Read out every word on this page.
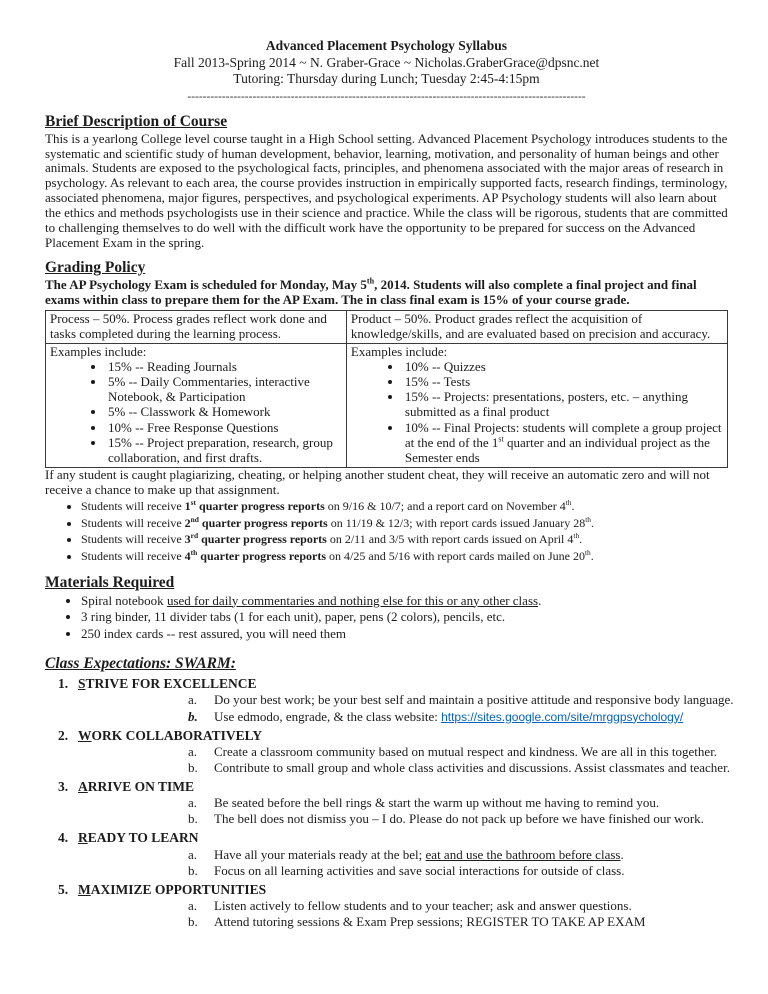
Advanced Placement Psychology Syllabus
Fall 2013-Spring 2014 ~ N. Graber-Grace ~ Nicholas.GraberGrace@dpsnc.net
Tutoring: Thursday during Lunch; Tuesday 2:45-4:15pm
--------------------------------------------------------------------------------------------------------
Brief Description of Course

This is a yearlong College level course taught in a High School setting. Advanced Placement Psychology introduces students to the systematic and scientific study of human development, behavior, learning, motivation, and personality of human beings and other animals. Students are exposed to the psychological facts, principles, and phenomena associated with the major areas of research in psychology. As relevant to each area, the course provides instruction in empirically supported facts, research findings, terminology, associated phenomena, major figures, perspectives, and psychological experiments. AP Psychology students will also learn about the ethics and methods psychologists use in their science and practice. While the class will be rigorous, students that are committed to challenging themselves to do well with the difficult work have the opportunity to be prepared for success on the Advanced Placement Exam in the spring.

Grading Policy

The AP Psychology Exam is scheduled for Monday, May 5th, 2014. Students will also complete a final project and final exams within class to prepare them for the AP Exam. The in class final exam is 15% of your course grade.

Process – 50%. Process grades reflect work done and tasks completed during the learning process.	Product – 50%. Product grades reflect the acquisition of knowledge/skills, and are evaluated based on precision and accuracy.

Examples include:
• 15% -- Reading Journals
• 5% -- Daily Commentaries, interactive Notebook, & Participation
• 5% -- Classwork & Homework
• 10% -- Free Response Questions
• 15% -- Project preparation, research, group collaboration, and first drafts.

Examples include:
• 10% -- Quizzes
• 15% -- Tests
• 15% -- Projects: presentations, posters, etc. – anything submitted as a final product
• 10% -- Final Projects: students will complete a group project at the end of the 1st quarter and an individual project as the Semester ends

If any student is caught plagiarizing, cheating, or helping another student cheat, they will receive an automatic zero and will not receive a chance to make up that assignment.

• Students will receive 1st quarter progress reports on 9/16 & 10/7; and a report card on November 4th.
• Students will receive 2nd quarter progress reports on 11/19 & 12/3; with report cards issued January 28th.
• Students will receive 3rd quarter progress reports on 2/11 and 3/5 with report cards issued on April 4th.
• Students will receive 4th quarter progress reports on 4/25 and 5/16 with report cards mailed on June 20th.
Materials Required
• Spiral notebook used for daily commentaries and nothing else for this or any other class.
• 3 ring binder, 11 divider tabs (1 for each unit), paper, pens (2 colors), pencils, etc.
• 250 index cards -- rest assured, you will need them
Class Expectations: SWARM:
1. STRIVE FOR EXCELLENCE
a. Do your best work; be your best self and maintain a positive attitude and responsive body language.
b. Use edmodo, engrade, & the class website: https://sites.google.com/site/mrggpsychology/
2. WORK COLLABORATIVELY
a. Create a classroom community based on mutual respect and kindness. We are all in this together.
b. Contribute to small group and whole class activities and discussions. Assist classmates and teacher.
3. ARRIVE ON TIME
a. Be seated before the bell rings & start the warm up without me having to remind you.
b. The bell does not dismiss you – I do. Please do not pack up before we have finished our work.
4. READY TO LEARN
a. Have all your materials ready at the bel; eat and use the bathroom before class.
b. Focus on all learning activities and save social interactions for outside of class.
5. MAXIMIZE OPPORTUNITIES
a. Listen actively to fellow students and to your teacher; ask and answer questions.
b. Attend tutoring sessions & Exam Prep sessions; REGISTER TO TAKE AP EXAM
